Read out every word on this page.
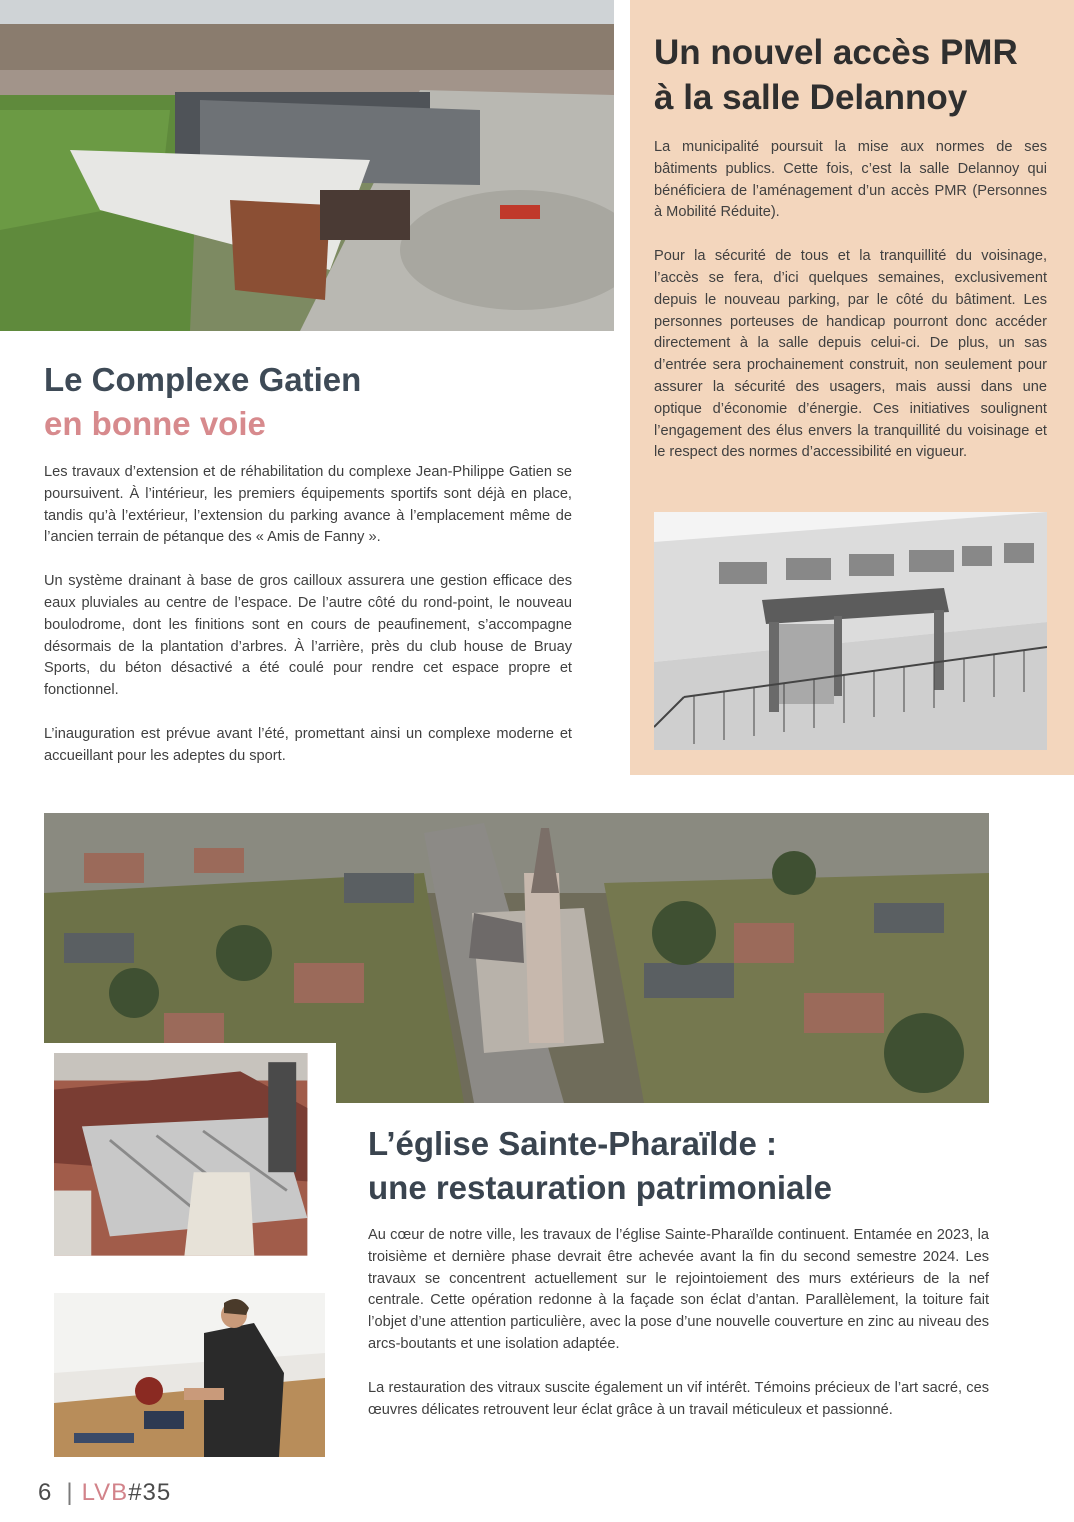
Un nouvel accès PMR
à la salle Delannoy

La municipalité poursuit la mise aux normes de ses bâtiments publics. Cette fois, c’est la salle Delannoy qui bénéficiera de l’aménagement d’un accès PMR (Personnes à Mobilité Réduite).

Pour la sécurité de tous et la tranquillité du voisinage, l’accès se fera, d’ici quelques semaines, exclusivement depuis le nouveau parking, par le côté du bâtiment. Les personnes porteuses de handicap pourront donc accéder directement à la salle depuis celui-ci. De plus, un sas d’entrée sera prochainement construit, non seulement pour assurer la sécurité des usagers, mais aussi dans une optique d’économie d’énergie. Ces initiatives soulignent l’engagement des élus envers la tranquillité du voisinage et le respect des normes d’accessibilité en vigueur.

Le Complexe Gatien
en bonne voie

Les travaux d’extension et de réhabilitation du complexe Jean-Philippe Gatien se poursuivent. À l’intérieur, les premiers équipements sportifs sont déjà en place, tandis qu’à l’extérieur, l’extension du parking avance à l’emplacement même de l’ancien terrain de pétanque des « Amis de Fanny ».

Un système drainant à base de gros cailloux assurera une gestion efficace des eaux pluviales au centre de l’espace. De l’autre côté du rond-point, le nouveau boulodrome, dont les finitions sont en cours de peaufinement, s’accompagne désormais de la plantation d’arbres. À l’arrière, près du club house de Bruay Sports, du béton désactivé a été coulé pour rendre cet espace propre et fonctionnel.

L’inauguration est prévue avant l’été, promettant ainsi un complexe moderne et accueillant pour les adeptes du sport.

L’église Sainte-Pharaïlde :
une restauration patrimoniale

Au cœur de notre ville, les travaux de l’église Sainte-Pharaïlde continuent. Entamée en 2023, la troisième et dernière phase devrait être achevée avant la fin du second semestre 2024. Les travaux se concentrent actuellement sur le rejointoiement des murs extérieurs de la nef centrale. Cette opération redonne à la façade son éclat d’antan. Parallèlement, la toiture fait l’objet d’une attention particulière, avec la pose d’une nouvelle couverture en zinc au niveau des arcs-boutants et une isolation adaptée.

La restauration des vitraux suscite également un vif intérêt. Témoins précieux de l’art sacré, ces œuvres délicates retrouvent leur éclat grâce à un travail méticuleux et passionné.

6 | LVB#35
